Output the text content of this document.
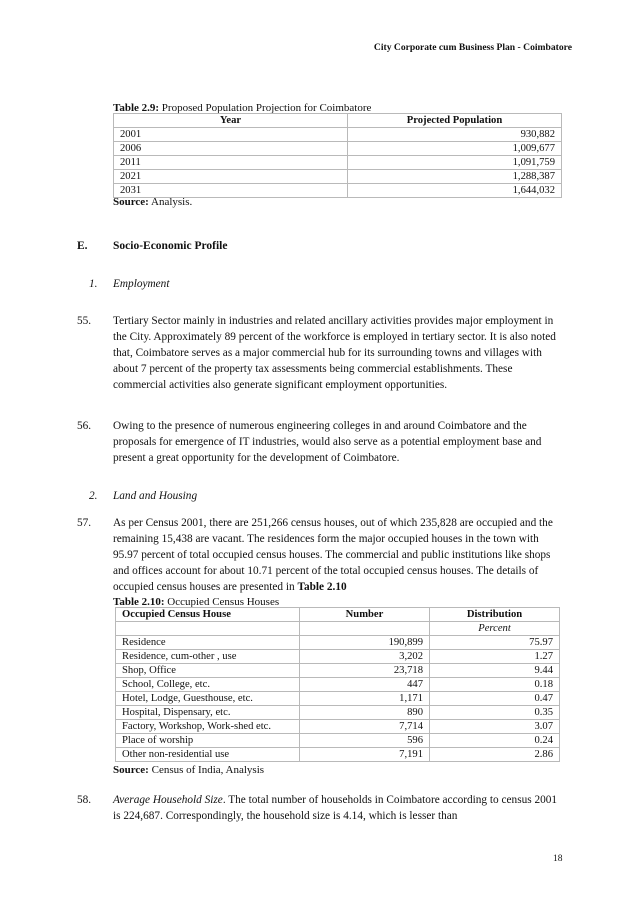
City Corporate cum Business Plan - Coimbatore
Table 2.9: Proposed Population Projection for Coimbatore
Year	Projected Population
2001	930,882
2006	1,009,677
2011	1,091,759
2021	1,288,387
2031	1,644,032
Source: Analysis.
E. Socio-Economic Profile
1. Employment
55. Tertiary Sector mainly in industries and related ancillary activities provides major employment in the City. Approximately 89 percent of the workforce is employed in tertiary sector. It is also noted that, Coimbatore serves as a major commercial hub for its surrounding towns and villages with about 7 percent of the property tax assessments being commercial establishments. These commercial activities also generate significant employment opportunities.
56. Owing to the presence of numerous engineering colleges in and around Coimbatore and the proposals for emergence of IT industries, would also serve as a potential employment base and present a great opportunity for the development of Coimbatore.
2. Land and Housing
57. As per Census 2001, there are 251,266 census houses, out of which 235,828 are occupied and the remaining 15,438 are vacant. The residences form the major occupied houses in the town with 95.97 percent of total occupied census houses. The commercial and public institutions like shops and offices account for about 10.71 percent of the total occupied census houses. The details of occupied census houses are presented in Table 2.10
Table 2.10: Occupied Census Houses
Occupied Census House	Number	Distribution
		Percent
Residence	190,899	75.97
Residence, cum-other , use	3,202	1.27
Shop, Office	23,718	9.44
School, College, etc.	447	0.18
Hotel, Lodge, Guesthouse, etc.	1,171	0.47
Hospital, Dispensary, etc.	890	0.35
Factory, Workshop, Work-shed etc.	7,714	3.07
Place of worship	596	0.24
Other non-residential use	7,191	2.86
Source: Census of India, Analysis
58. Average Household Size. The total number of households in Coimbatore according to census 2001 is 224,687. Correspondingly, the household size is 4.14, which is lesser than
18
